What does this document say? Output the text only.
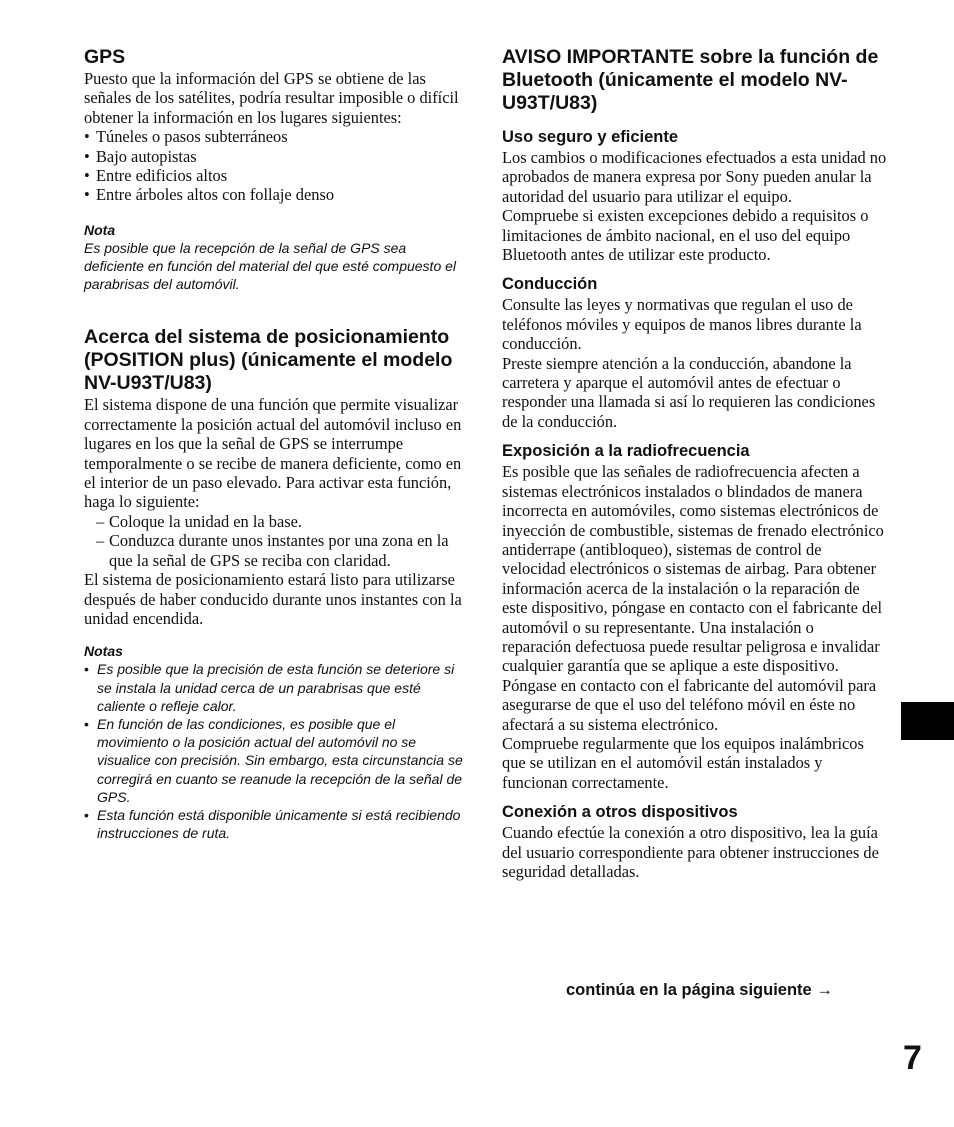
GPS

Puesto que la información del GPS se obtiene de las señales de los satélites, podría resultar imposible o difícil obtener la información en los lugares siguientes:

• Túneles o pasos subterráneos
• Bajo autopistas
• Entre edificios altos
• Entre árboles altos con follaje denso

Nota

Es posible que la recepción de la señal de GPS sea deficiente en función del material del que esté compuesto el parabrisas del automóvil.

Acerca del sistema de posicionamiento (POSITION plus) (únicamente el modelo NV-U93T/U83)

El sistema dispone de una función que permite visualizar correctamente la posición actual del automóvil incluso en lugares en los que la señal de GPS se interrumpe temporalmente o se recibe de manera deficiente, como en el interior de un paso elevado. Para activar esta función, haga lo siguiente:

– Coloque la unidad en la base.
– Conduzca durante unos instantes por una zona en la que la señal de GPS se reciba con claridad.

El sistema de posicionamiento estará listo para utilizarse después de haber conducido durante unos instantes con la unidad encendida.

Notas

• Es posible que la precisión de esta función se deteriore si se instala la unidad cerca de un parabrisas que esté caliente o refleje calor.
• En función de las condiciones, es posible que el movimiento o la posición actual del automóvil no se visualice con precisión. Sin embargo, esta circunstancia se corregirá en cuanto se reanude la recepción de la señal de GPS.
• Esta función está disponible únicamente si está recibiendo instrucciones de ruta.
AVISO IMPORTANTE sobre la función de Bluetooth (únicamente el modelo NV-U93T/U83)
Uso seguro y eficiente

Los cambios o modificaciones efectuados a esta unidad no aprobados de manera expresa por Sony pueden anular la autoridad del usuario para utilizar el equipo.

Compruebe si existen excepciones debido a requisitos o limitaciones de ámbito nacional, en el uso del equipo Bluetooth antes de utilizar este producto.

Conducción

Consulte las leyes y normativas que regulan el uso de teléfonos móviles y equipos de manos libres durante la conducción.

Preste siempre atención a la conducción, abandone la carretera y aparque el automóvil antes de efectuar o responder una llamada si así lo requieren las condiciones de la conducción.

Exposición a la radiofrecuencia

Es posible que las señales de radiofrecuencia afecten a sistemas electrónicos instalados o blindados de manera incorrecta en automóviles, como sistemas electrónicos de inyección de combustible, sistemas de frenado electrónico antiderrape (antibloqueo), sistemas de control de velocidad electrónicos o sistemas de airbag. Para obtener información acerca de la instalación o la reparación de este dispositivo, póngase en contacto con el fabricante del automóvil o su representante. Una instalación o reparación defectuosa puede resultar peligrosa e invalidar cualquier garantía que se aplique a este dispositivo.

Póngase en contacto con el fabricante del automóvil para asegurarse de que el uso del teléfono móvil en éste no afectará a su sistema electrónico.

Compruebe regularmente que los equipos inalámbricos que se utilizan en el automóvil están instalados y funcionan correctamente.

Conexión a otros dispositivos

Cuando efectúe la conexión a otro dispositivo, lea la guía del usuario correspondiente para obtener instrucciones de seguridad detalladas.

continúa en la página siguiente →
7
